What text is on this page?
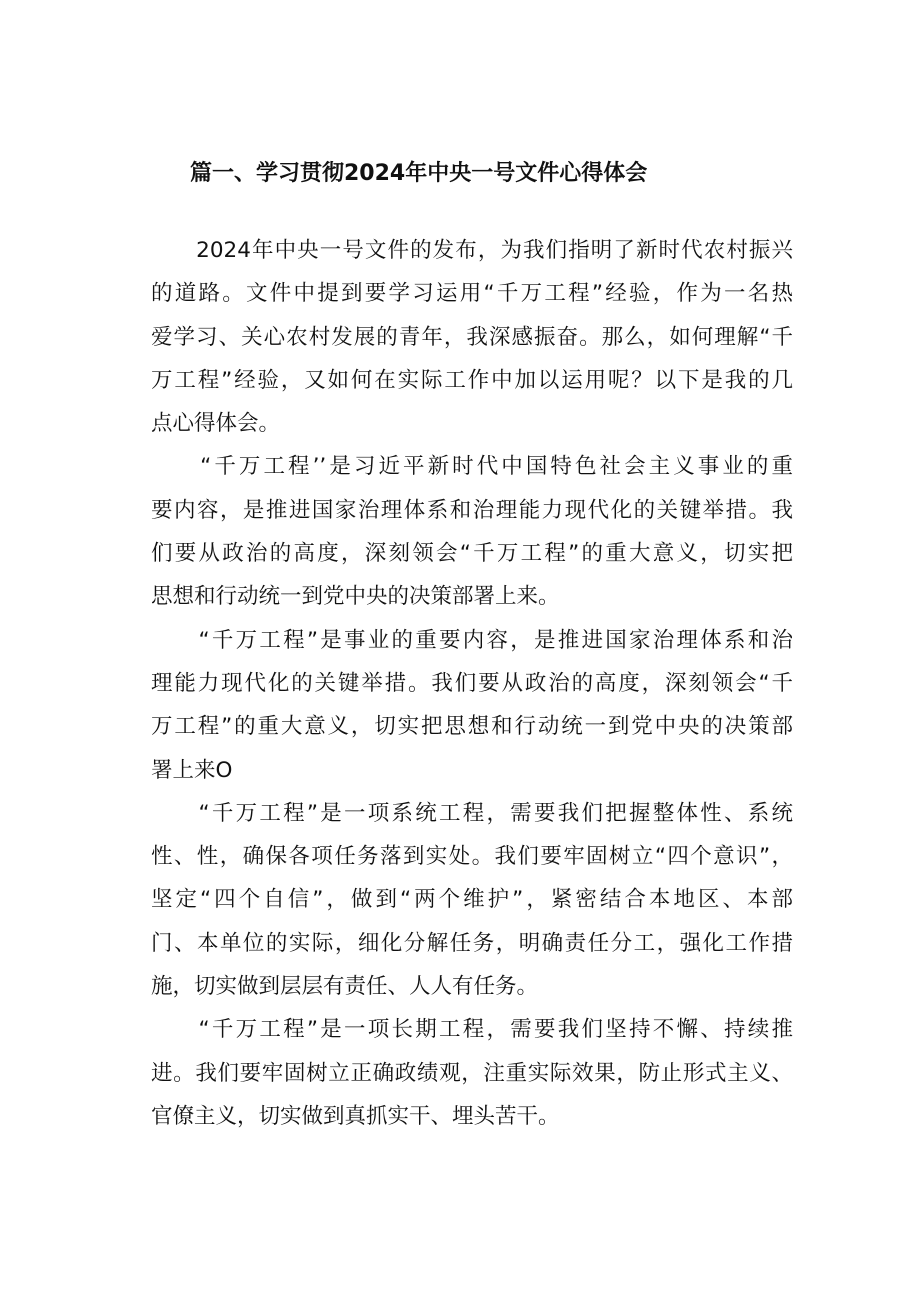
篇一、学习贯彻2024年中央一号文件心得体会
　　2024年中央一号文件的发布，为我们指明了新时代农村振兴
的道路。文件中提到要学习运用“千万工程”经验，作为一名热
爱学习、关心农村发展的青年，我深感振奋。那么，如何理解“千
万工程”经验，又如何在实际工作中加以运用呢？以下是我的几
点心得体会。
　　“千万工程’’是习近平新时代中国特色社会主义事业的重
要内容，是推进国家治理体系和治理能力现代化的关键举措。我
们要从政治的高度，深刻领会“千万工程”的重大意义，切实把
思想和行动统一到党中央的决策部署上来。
　　“千万工程”是事业的重要内容，是推进国家治理体系和治
理能力现代化的关键举措。我们要从政治的高度，深刻领会“千
万工程”的重大意义，切实把思想和行动统一到党中央的决策部
署上来O
　　“千万工程”是一项系统工程，需要我们把握整体性、系统
性、性，确保各项任务落到实处。我们要牢固树立“四个意识”，
坚定“四个自信”，做到“两个维护”，紧密结合本地区、本部
门、本单位的实际，细化分解任务，明确责任分工，强化工作措
施，切实做到层层有责任、人人有任务。
　　“千万工程”是一项长期工程，需要我们坚持不懈、持续推
进。我们要牢固树立正确政绩观，注重实际效果，防止形式主义、
官僚主义，切实做到真抓实干、埋头苦干。
